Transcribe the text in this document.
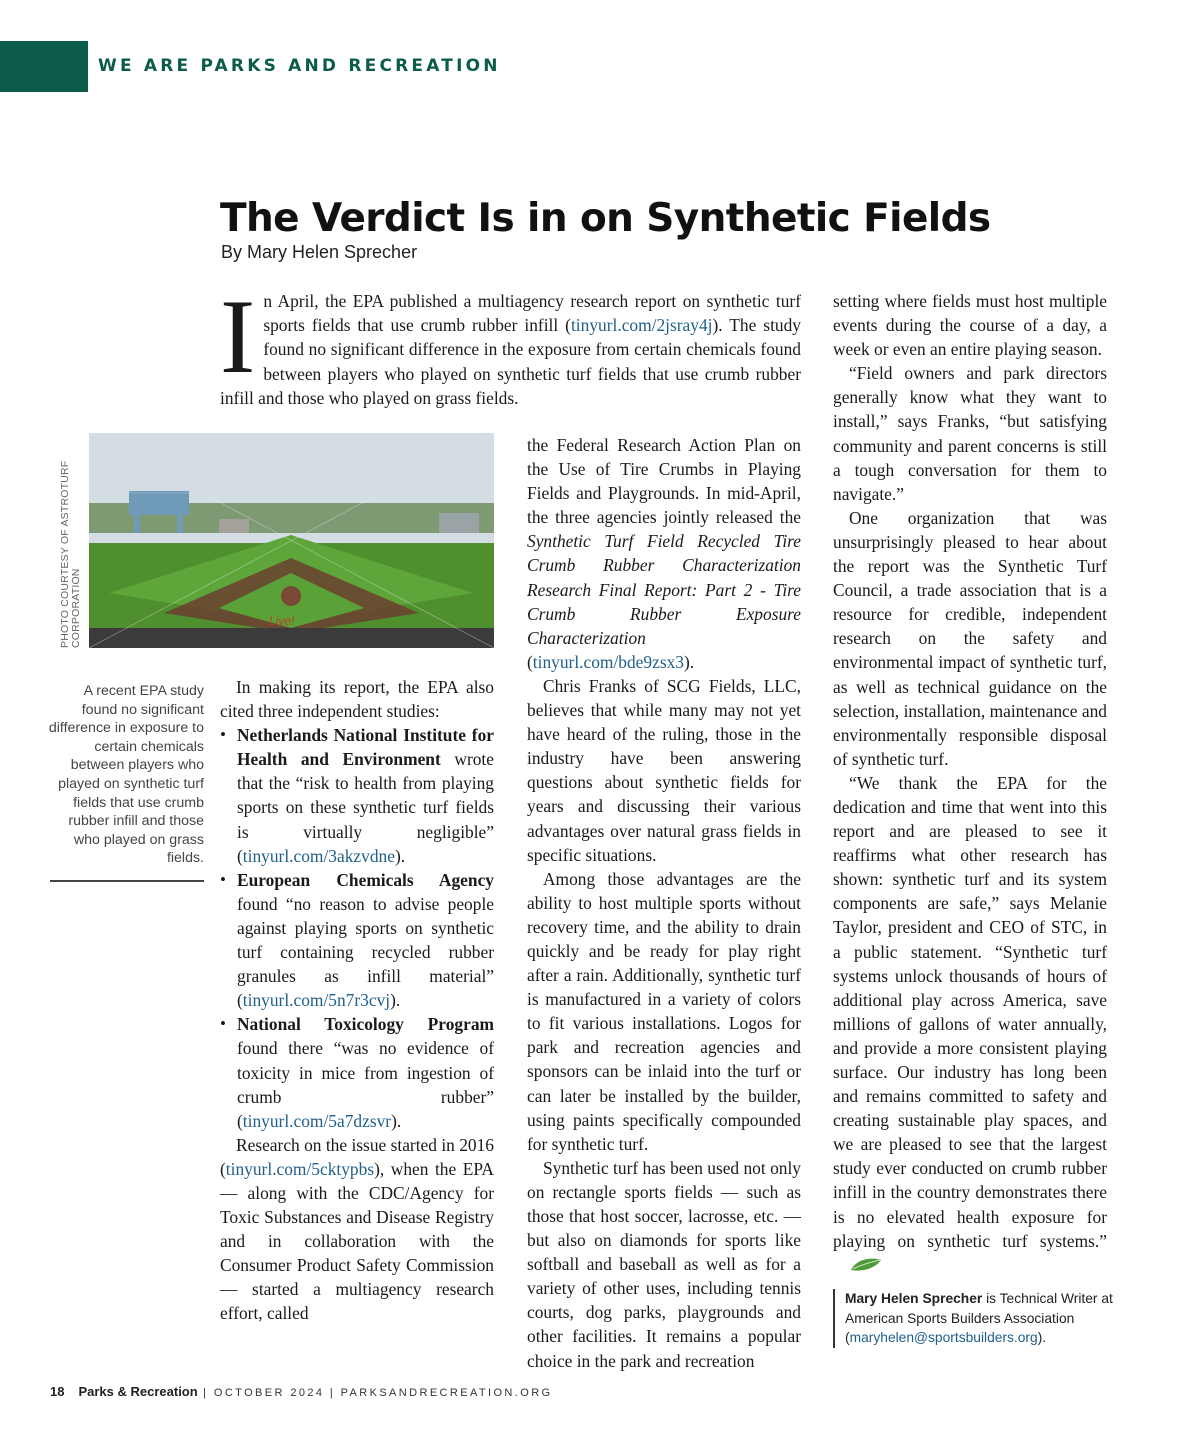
WE ARE PARKS AND RECREATION
The Verdict Is in on Synthetic Fields
By Mary Helen Sprecher
In April, the EPA published a multiagency research report on synthetic turf sports fields that use crumb rubber infill (tinyurl.com/2jsray4j). The study found no significant difference in the exposure from certain chemicals found between players who played on synthetic turf fields that use crumb rubber infill and those who played on grass fields.
Live!
PHOTO COURTESY OF ASTROTURF CORPORATION
A recent EPA study found no significant difference in exposure to certain chemicals between players who played on synthetic turf fields that use crumb rubber infill and those who played on grass fields.

In making its report, the EPA also cited three independent studies:

• Netherlands National Institute for Health and Environment wrote that the “risk to health from playing sports on these synthetic turf fields is virtually negligible” (tinyurl.com/3akzvdne).
• European Chemicals Agency found “no reason to advise people against playing sports on synthetic turf containing recycled rubber granules as infill material” (tinyurl.com/5n7r3cvj).
• National Toxicology Program found there “was no evidence of toxicity in mice from ingestion of crumb rubber” (tinyurl.com/5a7dzsvr).

Research on the issue started in 2016 (tinyurl.com/5cktypbs), when the EPA — along with the CDC/Agency for Toxic Substances and Disease Registry and in collaboration with the Consumer Product Safety Commission — started a multiagency research effort, called

the Federal Research Action Plan on the Use of Tire Crumbs in Playing Fields and Playgrounds. In mid-April, the three agencies jointly released the Synthetic Turf Field Recycled Tire Crumb Rubber Characterization Research Final Report: Part 2 - Tire Crumb Rubber Exposure Characterization (tinyurl.com/bde9zsx3).

Chris Franks of SCG Fields, LLC, believes that while many may not yet have heard of the ruling, those in the industry have been answering questions about synthetic fields for years and discussing their various advantages over natural grass fields in specific situations.

Among those advantages are the ability to host multiple sports without recovery time, and the ability to drain quickly and be ready for play right after a rain. Additionally, synthetic turf is manufactured in a variety of colors to fit various installations. Logos for park and recreation agencies and sponsors can be inlaid into the turf or can later be installed by the builder, using paints specifically compounded for synthetic turf.

Synthetic turf has been used not only on rectangle sports fields — such as those that host soccer, lacrosse, etc. — but also on diamonds for sports like softball and baseball as well as for a variety of other uses, including tennis courts, dog parks, playgrounds and other facilities. It remains a popular choice in the park and recreation

setting where fields must host multiple events during the course of a day, a week or even an entire playing season.

“Field owners and park directors generally know what they want to install,” says Franks, “but satisfying community and parent concerns is still a tough conversation for them to navigate.”

One organization that was unsurprisingly pleased to hear about the report was the Synthetic Turf Council, a trade association that is a resource for credible, independent research on the safety and environmental impact of synthetic turf, as well as technical guidance on the selection, installation, maintenance and environmentally responsible disposal of synthetic turf.

“We thank the EPA for the dedication and time that went into this report and are pleased to see it reaffirms what other research has shown: synthetic turf and its system components are safe,” says Melanie Taylor, president and CEO of STC, in a public statement. “Synthetic turf systems unlock thousands of hours of additional play across America, save millions of gallons of water annually, and provide a more consistent playing surface. Our industry has long been and remains committed to safety and creating sustainable play spaces, and we are pleased to see that the largest study ever conducted on crumb rubber infill in the country demonstrates there is no elevated health exposure for playing on synthetic turf systems.”

Mary Helen Sprecher is Technical Writer at American Sports Builders Association (maryhelen@sportsbuilders.org).
18 Parks & Recreation | OCTOBER 2024 | PARKSANDRECREATION.ORG
